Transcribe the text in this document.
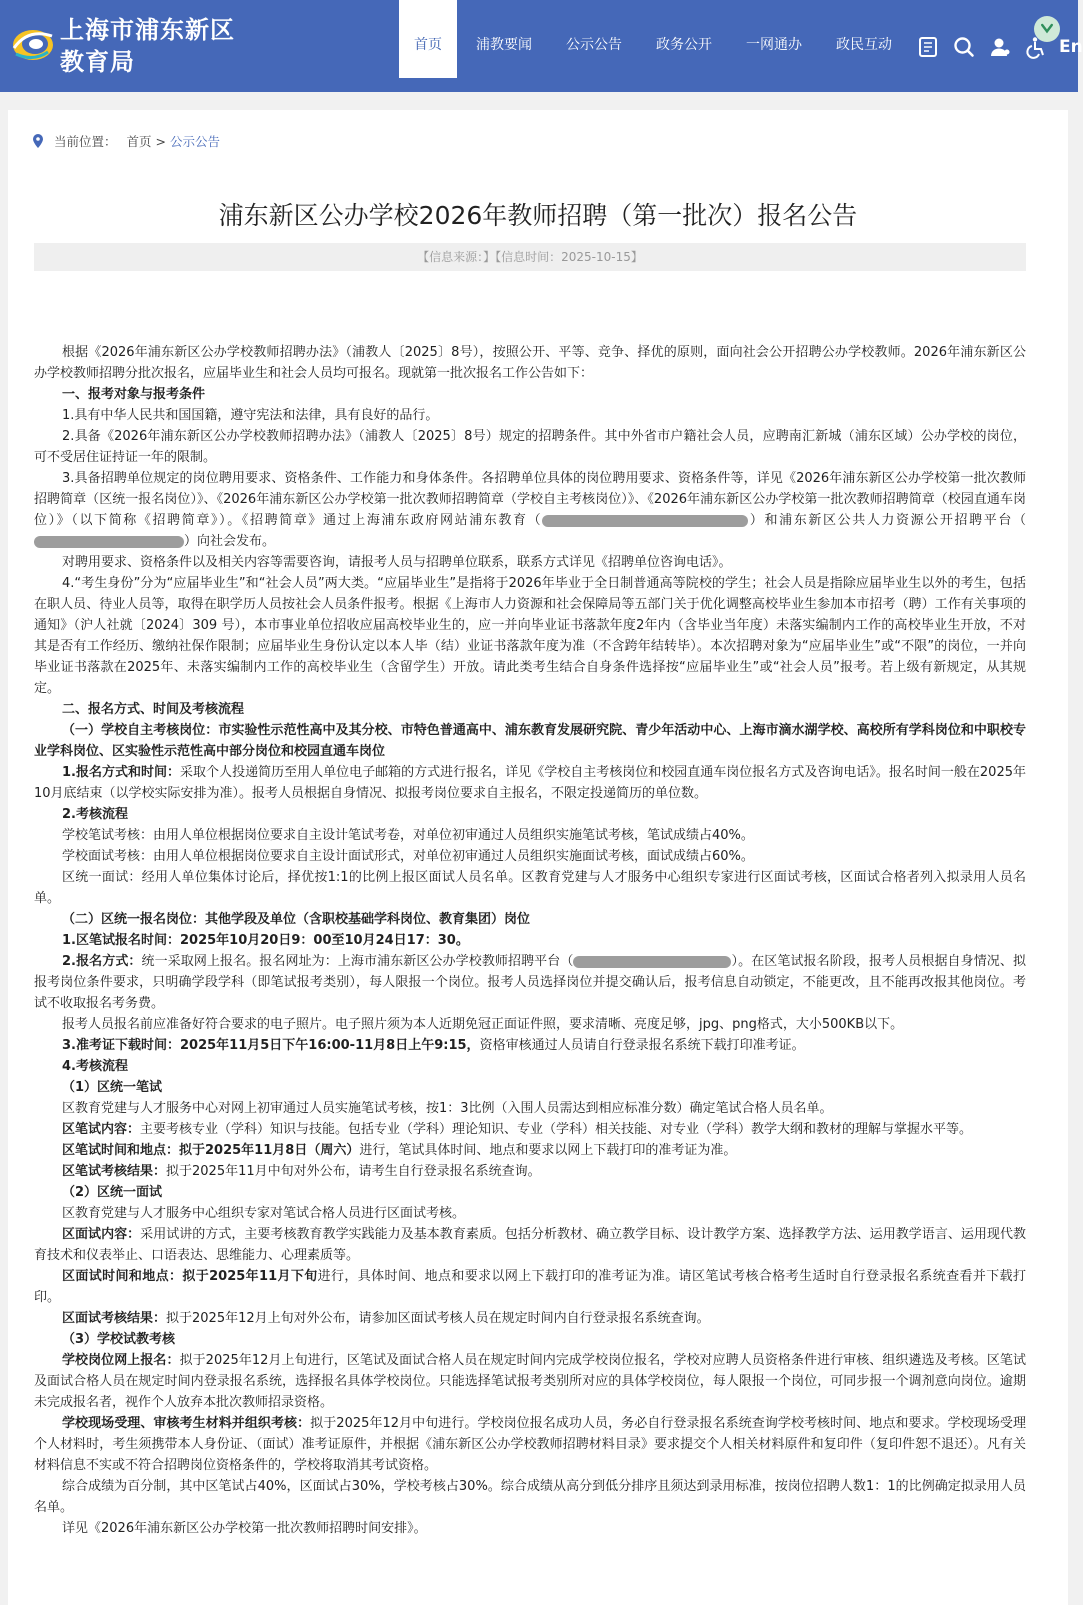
上海市浦东新区
教育局
首页	浦教要闻	公示公告	政务公开	一网通办	政民互动	En
当前位置： 首页 > 公示公告
浦东新区公办学校2026年教师招聘（第一批次）报名公告
【信息来源：】【信息时间：2025-10-15】

根据《2026年浦东新区公办学校教师招聘办法》（浦教人〔2025〕8号），按照公开、平等、竞争、择优的原则，面向社会公开招聘公办学校教师。2026年浦东新区公办学校教师招聘分批次报名，应届毕业生和社会人员均可报名。现就第一批次报名工作公告如下：

一、报考对象与报考条件

1.具有中华人民共和国国籍，遵守宪法和法律，具有良好的品行。

2.具备《2026年浦东新区公办学校教师招聘办法》（浦教人〔2025〕8号）规定的招聘条件。其中外省市户籍社会人员，应聘南汇新城（浦东区域）公办学校的岗位，可不受居住证持证一年的限制。

3.具备招聘单位规定的岗位聘用要求、资格条件、工作能力和身体条件。各招聘单位具体的岗位聘用要求、资格条件等，详见《2026年浦东新区公办学校第一批次教师招聘简章（区统一报名岗位）》、《2026年浦东新区公办学校第一批次教师招聘简章（学校自主考核岗位）》、《2026年浦东新区公办学校第一批次教师招聘简章（校园直通车岗位）》（以下简称《招聘简章》）。《招聘简章》通过上海浦东政府网站浦东教育（	）和浦东新区公共人力资源公开招聘平台（）向社会发布。

对聘用要求、资格条件以及相关内容等需要咨询，请报考人员与招聘单位联系，联系方式详见《招聘单位咨询电话》。

4.“考生身份”分为“应届毕业生”和“社会人员”两大类。“应届毕业生”是指将于2026年毕业于全日制普通高等院校的学生；社会人员是指除应届毕业生以外的考生，包括在职人员、待业人员等，取得在职学历人员按社会人员条件报考。根据《上海市人力资源和社会保障局等五部门关于优化调整高校毕业生参加本市招考（聘）工作有关事项的通知》（沪人社就〔2024〕309 号），本市事业单位招收应届高校毕业生的，应一并向毕业证书落款年度2年内（含毕业当年度）未落实编制内工作的高校毕业生开放，不对其是否有工作经历、缴纳社保作限制；应届毕业生身份认定以本人毕（结）业证书落款年度为准（不含跨年结转毕）。本次招聘对象为“应届毕业生”或“不限”的岗位，一并向毕业证书落款在2025年、未落实编制内工作的高校毕业生（含留学生）开放。请此类考生结合自身条件选择按“应届毕业生”或“社会人员”报考。若上级有新规定，从其规定。

二、报名方式、时间及考核流程

（一）学校自主考核岗位：市实验性示范性高中及其分校、市特色普通高中、浦东教育发展研究院、青少年活动中心、上海市滴水湖学校、高校所有学科岗位和中职校专业学科岗位、区实验性示范性高中部分岗位和校园直通车岗位

1.报名方式和时间：采取个人投递简历至用人单位电子邮箱的方式进行报名，详见《学校自主考核岗位和校园直通车岗位报名方式及咨询电话》。报名时间一般在2025年10月底结束（以学校实际安排为准）。报考人员根据自身情况、拟报考岗位要求自主报名，不限定投递简历的单位数。

2.考核流程

学校笔试考核：由用人单位根据岗位要求自主设计笔试考卷，对单位初审通过人员组织实施笔试考核，笔试成绩占40%。

学校面试考核：由用人单位根据岗位要求自主设计面试形式，对单位初审通过人员组织实施面试考核，面试成绩占60%。

区统一面试：经用人单位集体讨论后，择优按1:1的比例上报区面试人员名单。区教育党建与人才服务中心组织专家进行区面试考核，区面试合格者列入拟录用人员名单。

（二）区统一报名岗位：其他学段及单位（含职校基础学科岗位、教育集团）岗位

1.区笔试报名时间：2025年10月20日9：00至10月24日17：30。

2.报名方式：统一采取网上报名。报名网址为：上海市浦东新区公办学校教师招聘平台（	）。在区笔试报名阶段，报考人员根据自身情况、拟报考岗位条件要求，只明确学段学科（即笔试报考类别），每人限报一个岗位。报考人员选择岗位并提交确认后，报考信息自动锁定，不能更改，且不能再改报其他岗位。考试不收取报名考务费。

报考人员报名前应准备好符合要求的电子照片。电子照片须为本人近期免冠正面证件照，要求清晰、亮度足够，jpg、png格式，大小500KB以下。

3.准考证下载时间：2025年11月5日下午16:00-11月8日上午9:15，资格审核通过人员请自行登录报名系统下载打印准考证。

4.考核流程

（1）区统一笔试

区教育党建与人才服务中心对网上初审通过人员实施笔试考核，按1：3比例（入围人员需达到相应标准分数）确定笔试合格人员名单。

区笔试内容：主要考核专业（学科）知识与技能。包括专业（学科）理论知识、专业（学科）相关技能、对专业（学科）教学大纲和教材的理解与掌握水平等。

区笔试时间和地点：拟于2025年11月8日（周六）进行，笔试具体时间、地点和要求以网上下载打印的准考证为准。

区笔试考核结果：拟于2025年11月中旬对外公布，请考生自行登录报名系统查询。

（2）区统一面试

区教育党建与人才服务中心组织专家对笔试合格人员进行区面试考核。

区面试内容：采用试讲的方式，主要考核教育教学实践能力及基本教育素质。包括分析教材、确立教学目标、设计教学方案、选择教学方法、运用教学语言、运用现代教育技术和仪表举止、口语表达、思维能力、心理素质等。

区面试时间和地点：拟于2025年11月下旬进行，具体时间、地点和要求以网上下载打印的准考证为准。请区笔试考核合格考生适时自行登录报名系统查看并下载打印。

区面试考核结果：拟于2025年12月上旬对外公布，请参加区面试考核人员在规定时间内自行登录报名系统查询。

（3）学校试教考核

学校岗位网上报名：拟于2025年12月上旬进行，区笔试及面试合格人员在规定时间内完成学校岗位报名，学校对应聘人员资格条件进行审核、组织遴选及考核。区笔试及面试合格人员在规定时间内登录报名系统，选择报名具体学校岗位。只能选择笔试报考类别所对应的具体学校岗位，每人限报一个岗位，可同步报一个调剂意向岗位。逾期未完成报名者，视作个人放弃本批次教师招录资格。

学校现场受理、审核考生材料并组织考核：拟于2025年12月中旬进行。学校岗位报名成功人员，务必自行登录报名系统查询学校考核时间、地点和要求。学校现场受理个人材料时，考生须携带本人身份证、（面试）准考证原件，并根据《浦东新区公办学校教师招聘材料目录》要求提交个人相关材料原件和复印件（复印件恕不退还）。凡有关材料信息不实或不符合招聘岗位资格条件的，学校将取消其考试资格。

综合成绩为百分制，其中区笔试占40%，区面试占30%，学校考核占30%。综合成绩从高分到低分排序且须达到录用标准，按岗位招聘人数1：1的比例确定拟录用人员名单。

详见《2026年浦东新区公办学校第一批次教师招聘时间安排》。
